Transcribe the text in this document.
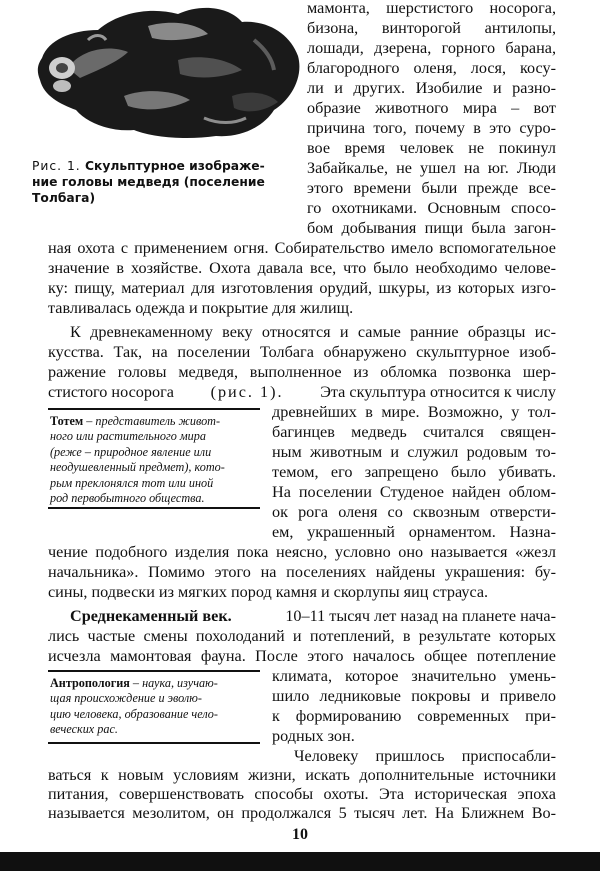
Рис. 1. Скульптурное изображе-
ние головы медведя (поселение
Толбага)

мамонта, шерстистого носорога,
бизона, винторогой антилопы,
лошади, дзерена, горного барана,
благородного оленя, лося, косу-
ли и других. Изобилие и разно-
образие животного мира – вот
причина того, почему в это суро-
вое время человек не покинул
Забайкалье, не ушел на юг. Люди
этого времени были прежде все-
го охотниками. Основным спосо-
бом добывания пищи была загон-
ная охота с применением огня. Собирательство имело вспомогательное
значение в хозяйстве. Охота давала все, что было необходимо челове-
ку: пищу, материал для изготовления орудий, шкуры, из которых изго-
тавливалась одежда и покрытие для жилищ.
К древнекаменному веку относятся и самые ранние образцы ис-
кусства. Так, на поселении Толбага обнаружено скульптурное изоб-
ражение головы медведя, выполненное из обломка позвонка шер-
стистого носорога (рис. 1). Эта скульптура относится к числу

Тотем – представитель живот-
ного или растительного мира
(реже – природное явление или
неодушевленный предмет), кото-
рым преклонялся тот или иной
род первобытного общества.

древнейших в мире. Возможно, у тол-
багинцев медведь считался священ-
ным животным и служил родовым то-
темом, его запрещено было убивать.
На поселении Студеное найден облом-
ок рога оленя со сквозным отверсти-
ем, украшенный орнаментом. Назна-
чение подобного изделия пока неясно, условно оно называется «жезл
начальника». Помимо этого на поселениях найдены украшения: бу-
сины, подвески из мягких пород камня и скорлупы яиц страуса.
Среднекаменный век.	10–11 тысяч лет назад на планете нача-
лись частые смены похолоданий и потеплений, в результате которых
исчезла мамонтовая фауна. После этого началось общее потепление

Антропология – наука, изучаю-
щая происхождение и эволю-
цию человека, образование чело-
веческих рас.

климата, которое значительно умень-
шило ледниковые покровы и привело
к формированию современных при-
родных зон.
Человеку пришлось приспосабли-
10
ваться к новым условиям жизни, искать дополнительные источники
питания, совершенствовать способы охоты. Эта историческая эпоха
называется мезолитом, он продолжался 5 тысяч лет. На Ближнем Во-
